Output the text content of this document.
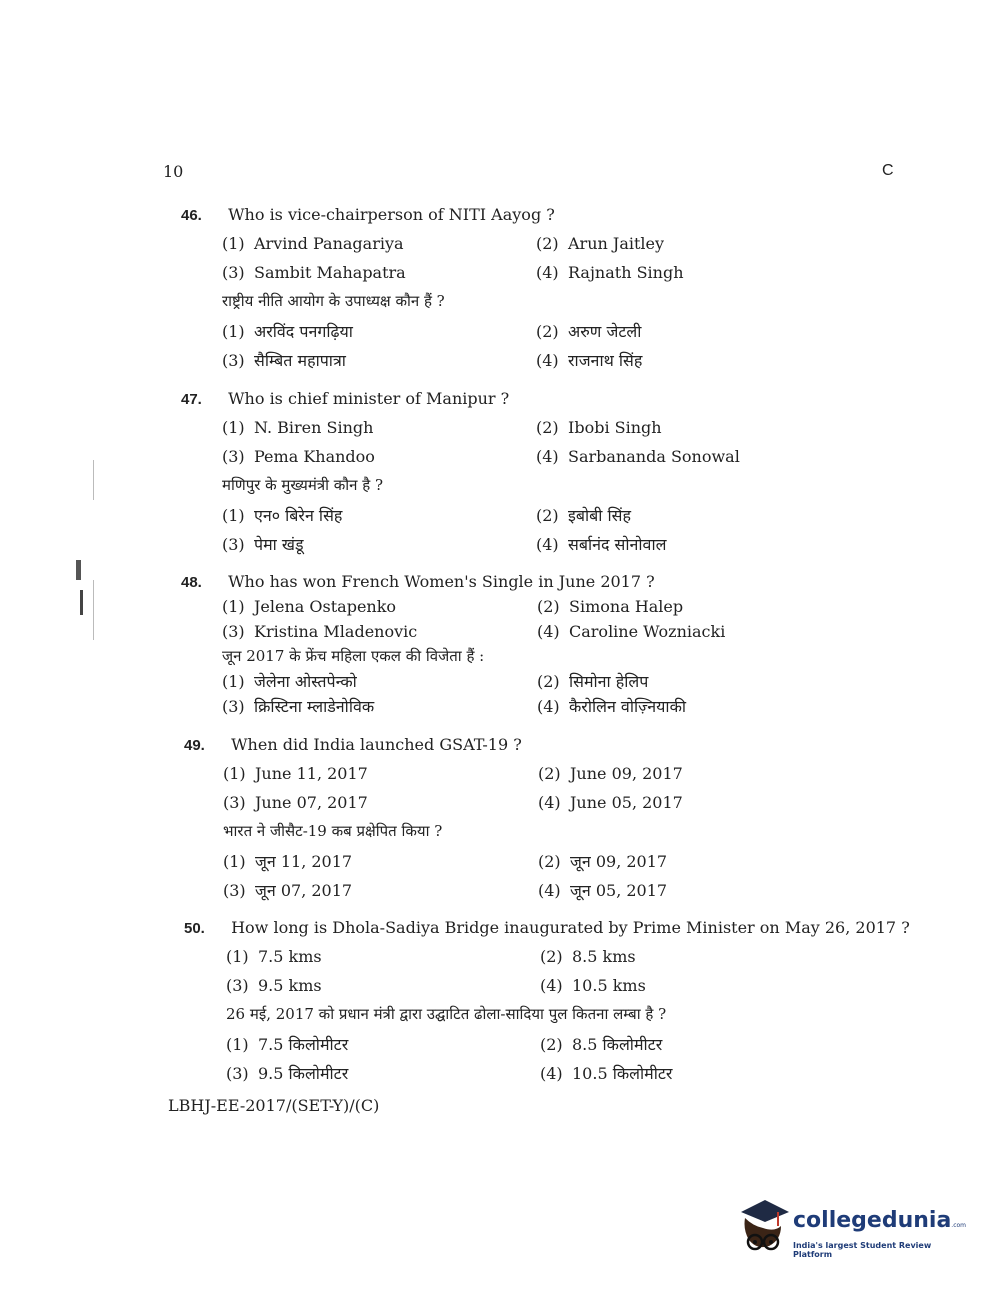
10	C
46. Who is vice-chairperson of NITI Aayog ?
(1) Arvind Panagariya	(2) Arun Jaitley
(3) Sambit Mahapatra	(4) Rajnath Singh
राष्ट्रीय नीति आयोग के उपाध्यक्ष कौन हैं ?
(1) अरविंद पनगढ़िया	(2) अरुण जेटली
(3) सैम्बित महापात्रा	(4) राजनाथ सिंह
47. Who is chief minister of Manipur ?
(1) N. Biren Singh	(2) Ibobi Singh
(3) Pema Khandoo	(4) Sarbananda Sonowal
मणिपुर के मुख्यमंत्री कौन है ?
(1) एन० बिरेन सिंह	(2) इबोबी सिंह
(3) पेमा खंडू	(4) सर्बानंद सोनोवाल
48. Who has won French Women's Single in June 2017 ?
(1) Jelena Ostapenko	(2) Simona Halep
(3) Kristina Mladenovic	(4) Caroline Wozniacki
जून 2017 के फ्रेंच महिला एकल की विजेता हैं :
(1) जेलेना ओस्तपेन्को	(2) सिमोना हेलिप
(3) क्रिस्टिना म्लाडेनोविक	(4) कैरोलिन वोज़्नियाकी
49. When did India launched GSAT-19 ?
(1) June 11, 2017	(2) June 09, 2017
(3) June 07, 2017	(4) June 05, 2017
भारत ने जीसैट-19 कब प्रक्षेपित किया ?
(1) जून 11, 2017	(2) जून 09, 2017
(3) जून 07, 2017	(4) जून 05, 2017
50. How long is Dhola-Sadiya Bridge inaugurated by Prime Minister on May 26, 2017 ?
(1) 7.5 kms	(2) 8.5 kms
(3) 9.5 kms	(4) 10.5 kms
26 मई, 2017 को प्रधान मंत्री द्वारा उद्घाटित ढोला-सादिया पुल कितना लम्बा है ?
(1) 7.5 किलोमीटर	(2) 8.5 किलोमीटर
(3) 9.5 किलोमीटर	(4) 10.5 किलोमीटर
LBHJ-EE-2017/(SET-Y)/(C)
collegedunia.com
India's largest Student Review Platform
